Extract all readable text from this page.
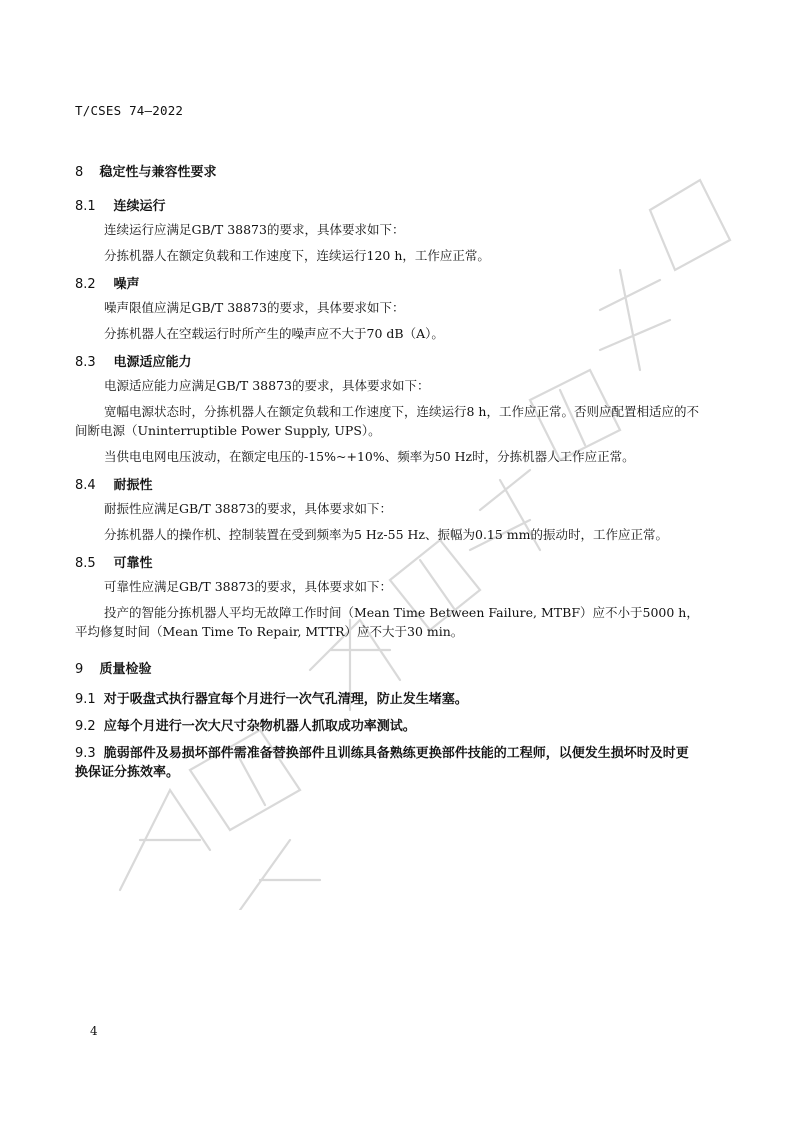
T/CSES 74—2022
8 稳定性与兼容性要求
8.1 连续运行
连续运行应满足GB/T 38873的要求，具体要求如下：
分拣机器人在额定负载和工作速度下，连续运行120 h，工作应正常。
8.2 噪声
噪声限值应满足GB/T 38873的要求，具体要求如下：
分拣机器人在空载运行时所产生的噪声应不大于70 dB（A）。
8.3 电源适应能力
电源适应能力应满足GB/T 38873的要求，具体要求如下：
宽幅电源状态时，分拣机器人在额定负载和工作速度下，连续运行8 h，工作应正常。否则应配置相适应的不间断电源（Uninterruptible Power Supply, UPS）。
当供电电网电压波动，在额定电压的-15%~+10%、频率为50 Hz时，分拣机器人工作应正常。
8.4 耐振性
耐振性应满足GB/T 38873的要求，具体要求如下：
分拣机器人的操作机、控制装置在受到频率为5 Hz-55 Hz、振幅为0.15 mm的振动时，工作应正常。
8.5 可靠性
可靠性应满足GB/T 38873的要求，具体要求如下：
投产的智能分拣机器人平均无故障工作时间（Mean Time Between Failure, MTBF）应不小于5000 h，平均修复时间（Mean Time To Repair, MTTR）应不大于30 min。
9 质量检验
9.1 对于吸盘式执行器宜每个月进行一次气孔清理，防止发生堵塞。
9.2 应每个月进行一次大尺寸杂物机器人抓取成功率测试。
9.3 脆弱部件及易损坏部件需准备替换部件且训练具备熟练更换部件技能的工程师，以便发生损坏时及时更换保证分拣效率。
4
